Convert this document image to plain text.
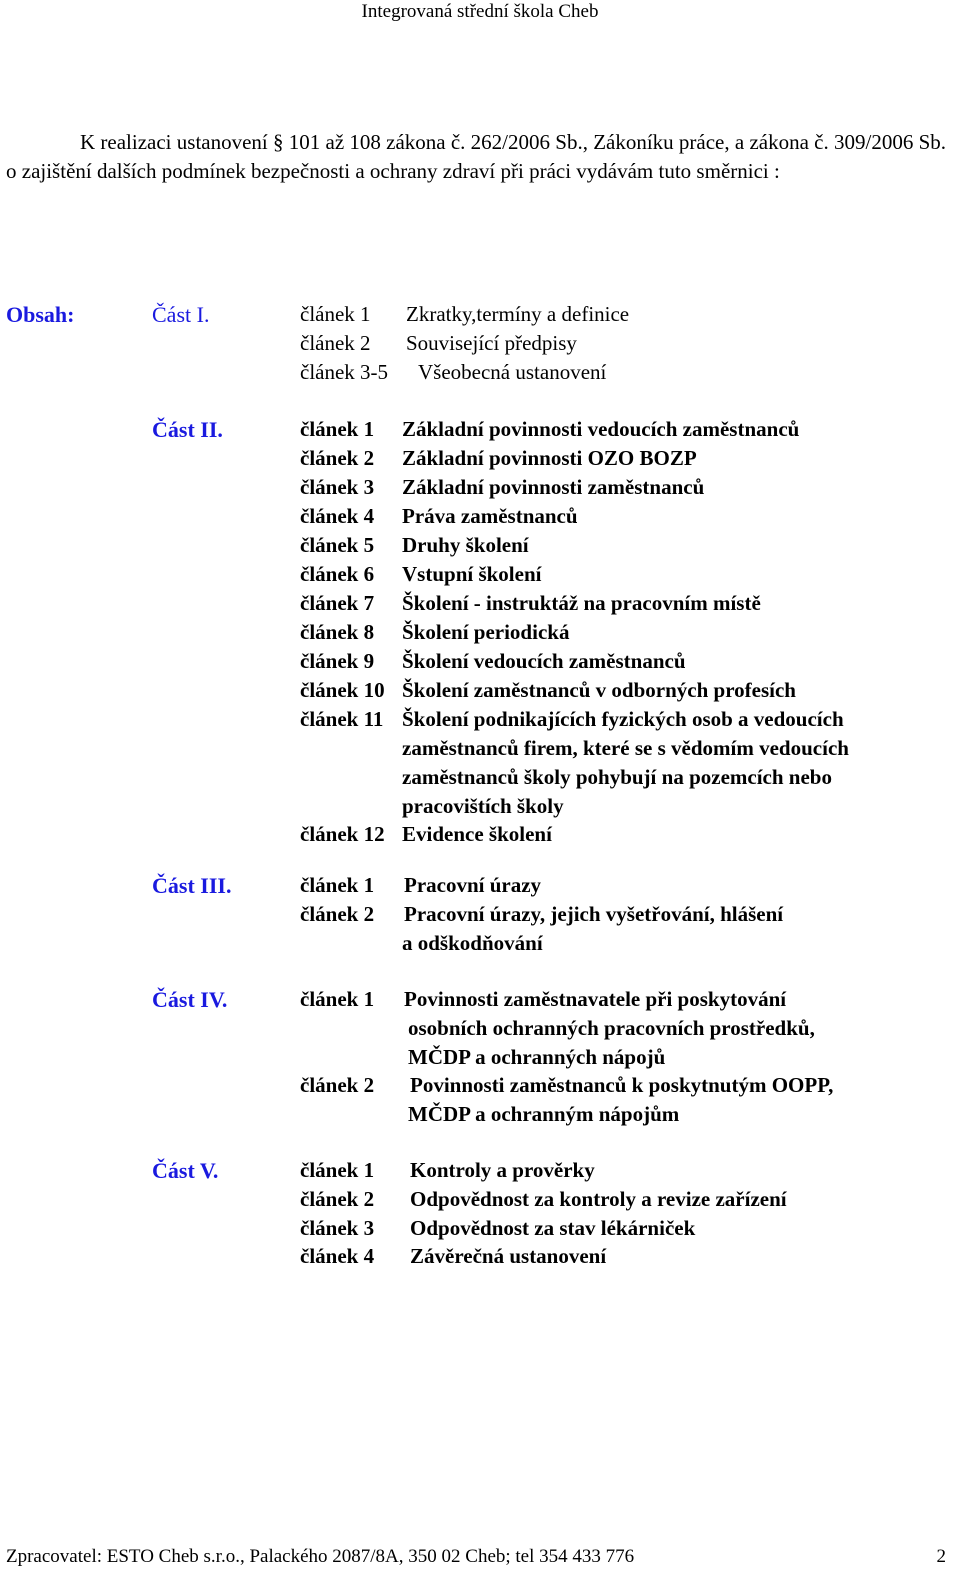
Integrovaná střední škola Cheb
K realizaci ustanovení § 101 až 108 zákona č. 262/2006 Sb., Zákoníku práce, a zákona č. 309/2006 Sb. o zajištění dalších podmínek bezpečnosti a ochrany zdraví při práci vydávám tuto směrnici :
Obsah:	Část I.	článek 1 Zkratky,termíny a definice
článek 2 Související předpisy
článek 3-5 Všeobecná ustanovení
Část II.	článek 1 Základní povinnosti vedoucích zaměstnanců
článek 2 Základní povinnosti OZO BOZP
článek 3 Základní povinnosti zaměstnanců
článek 4 Práva zaměstnanců
článek 5 Druhy školení
článek 6 Vstupní školení
článek 7 Školení - instruktáž na pracovním místě
článek 8 Školení periodická
článek 9 Školení vedoucích zaměstnanců
článek 10 Školení zaměstnanců v odborných profesích
článek 11 Školení podnikajících fyzických osob a vedoucích
zaměstnanců firem, které se s vědomím vedoucích
zaměstnanců školy pohybují na pozemcích nebo
pracovištích školy
článek 12 Evidence školení
Část III.	článek 1 Pracovní úrazy
článek 2 Pracovní úrazy, jejich vyšetřování, hlášení
a odškodňování
Část IV.	článek 1 Povinnosti zaměstnavatele při poskytování
osobních ochranných pracovních prostředků,
MČDP a ochranných nápojů
článek 2 Povinnosti zaměstnanců k poskytnutým OOPP,
MČDP a ochranným nápojům
Část V.	článek 1 Kontroly a prověrky
článek 2 Odpovědnost za kontroly a revize zařízení
článek 3 Odpovědnost za stav lékárniček
článek 4 Závěrečná ustanovení
Zpracovatel: ESTO Cheb s.r.o., Palackého 2087/8A, 350 02 Cheb; tel 354 433 776	2
